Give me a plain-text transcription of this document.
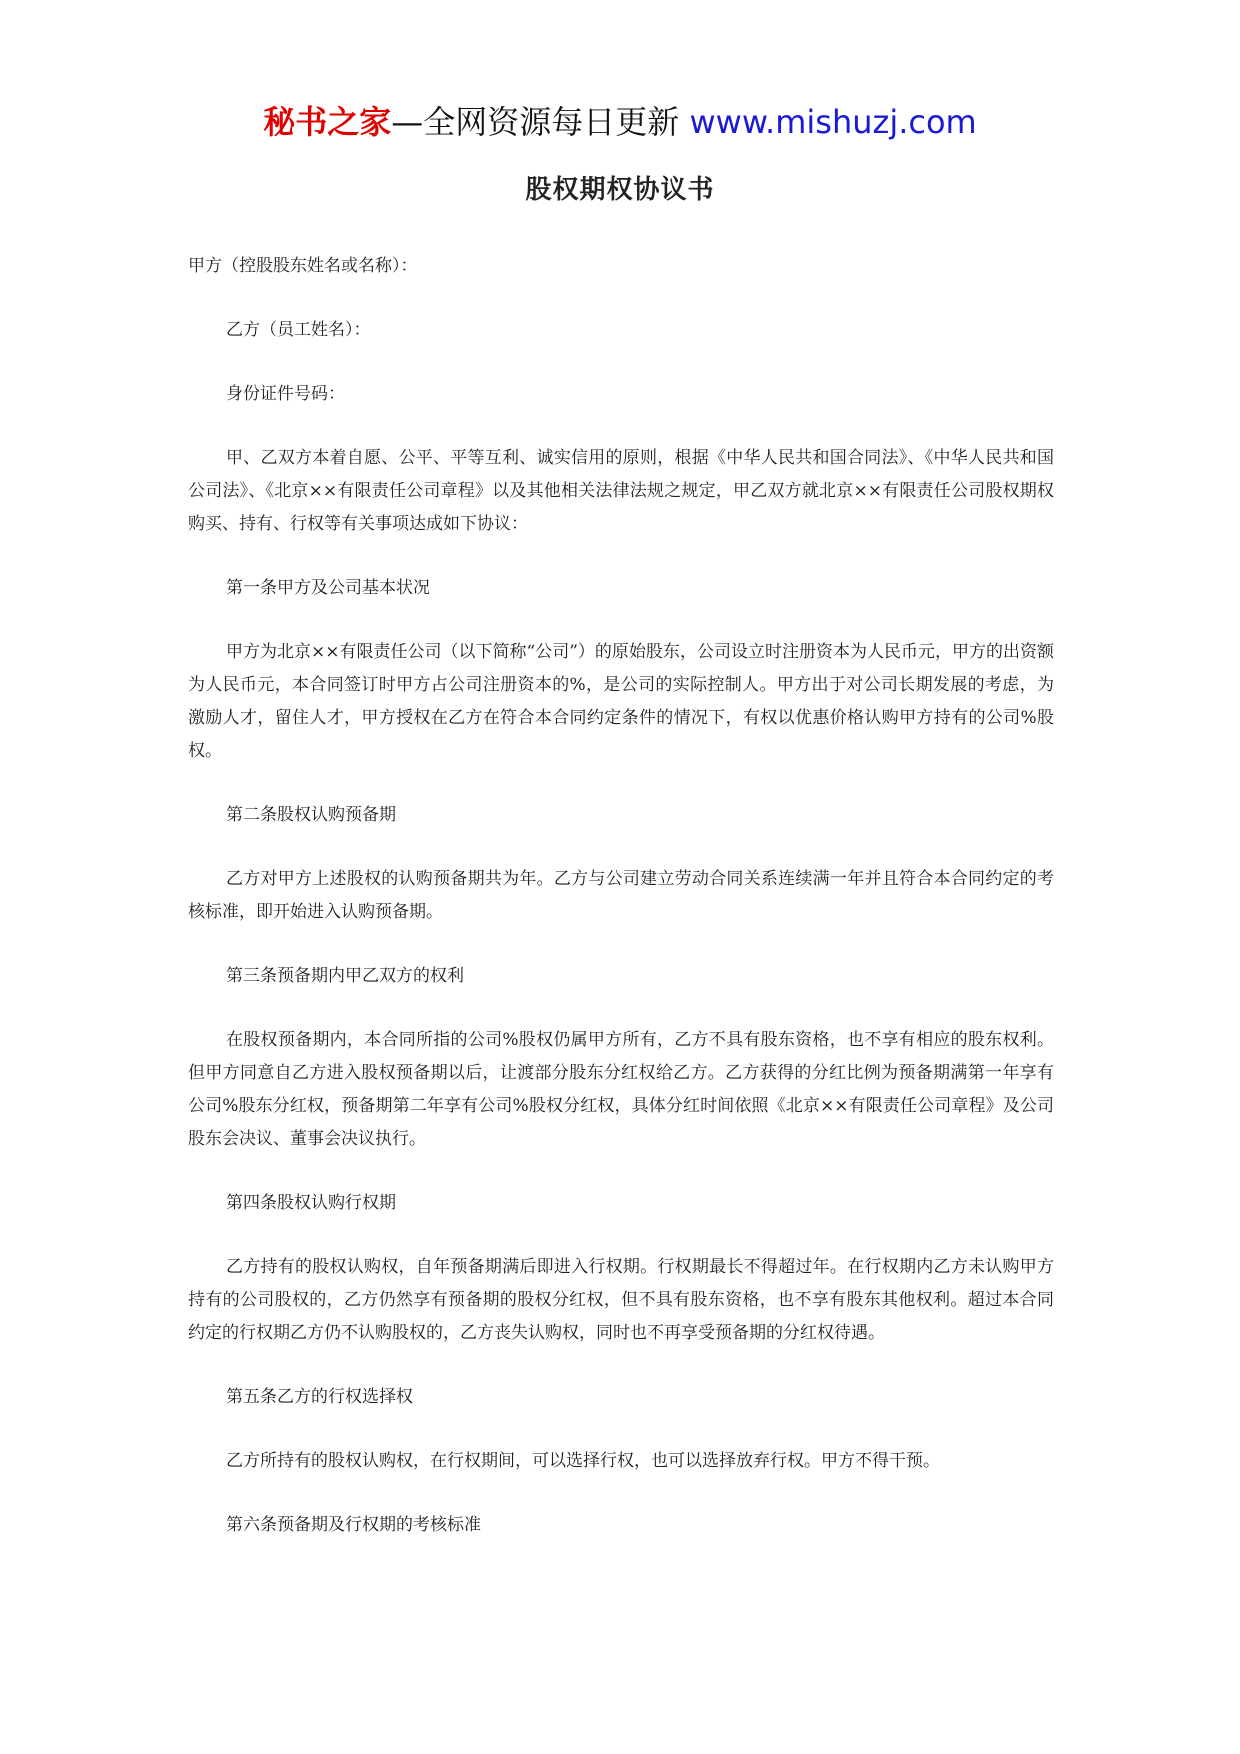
秘书之家—全网资源每日更新 www.mishuzj.com
股权期权协议书

甲方（控股股东姓名或名称）：

乙方（员工姓名）：

身份证件号码：

甲、乙双方本着自愿、公平、平等互利、诚实信用的原则，根据《中华人民共和国合同法》、《中华人民共和国公司法》、《北京××有限责任公司章程》以及其他相关法律法规之规定，甲乙双方就北京××有限责任公司股权期权购买、持有、行权等有关事项达成如下协议：

第一条甲方及公司基本状况

甲方为北京××有限责任公司（以下简称“公司”）的原始股东，公司设立时注册资本为人民币元，甲方的出资额为人民币元，本合同签订时甲方占公司注册资本的%，是公司的实际控制人。甲方出于对公司长期发展的考虑，为激励人才，留住人才，甲方授权在乙方在符合本合同约定条件的情况下，有权以优惠价格认购甲方持有的公司%股权。

第二条股权认购预备期

乙方对甲方上述股权的认购预备期共为年。乙方与公司建立劳动合同关系连续满一年并且符合本合同约定的考核标准，即开始进入认购预备期。

第三条预备期内甲乙双方的权利

在股权预备期内，本合同所指的公司%股权仍属甲方所有，乙方不具有股东资格，也不享有相应的股东权利。但甲方同意自乙方进入股权预备期以后，让渡部分股东分红权给乙方。乙方获得的分红比例为预备期满第一年享有公司%股东分红权，预备期第二年享有公司%股权分红权，具体分红时间依照《北京××有限责任公司章程》及公司股东会决议、董事会决议执行。

第四条股权认购行权期

乙方持有的股权认购权，自年预备期满后即进入行权期。行权期最长不得超过年。在行权期内乙方未认购甲方持有的公司股权的，乙方仍然享有预备期的股权分红权，但不具有股东资格，也不享有股东其他权利。超过本合同约定的行权期乙方仍不认购股权的，乙方丧失认购权，同时也不再享受预备期的分红权待遇。

第五条乙方的行权选择权

乙方所持有的股权认购权，在行权期间，可以选择行权，也可以选择放弃行权。甲方不得干预。

第六条预备期及行权期的考核标准
